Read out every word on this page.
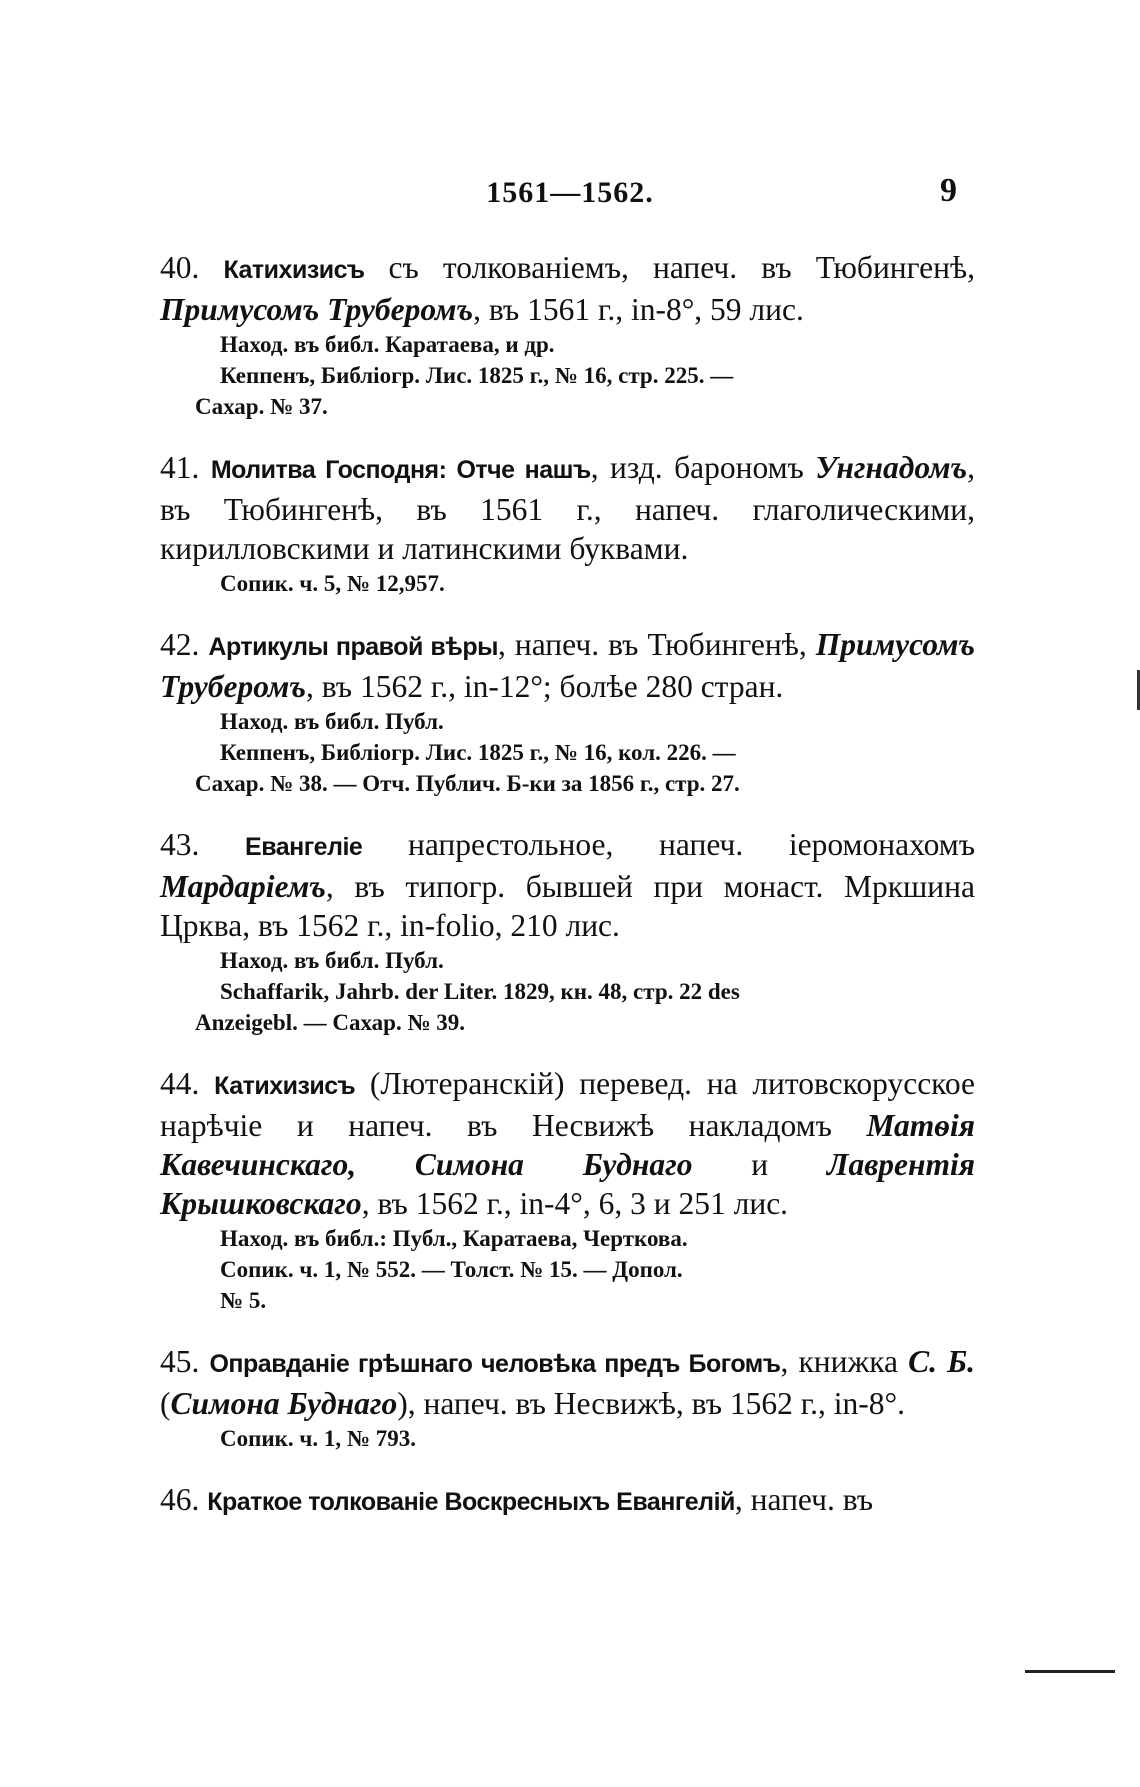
1561—1562.	9
40. Катихизисъ съ толкованіемъ, напеч. въ Тюбингенѣ, Примусомъ Труберомъ, въ 1561 г., in-8°, 59 лис.
Наход. въ библ. Каратаева, и др.
Кеппенъ, Библіогр. Лис. 1825 г., № 16, стр. 225. —
Сахар. № 37.
41. Молитва Господня: Отче нашъ, изд. барономъ Унгнадомъ, въ Тюбингенѣ, въ 1561 г., напеч. глаголическими, кирилловскими и латинскими буквами.
Сопик. ч. 5, № 12,957.
42. Артикулы правой вѣры, напеч. въ Тюбингенѣ, Примусомъ Труберомъ, въ 1562 г., in-12°; болѣе 280 стран.
Наход. въ библ. Публ.
Кеппенъ, Библіогр. Лис. 1825 г., № 16, кол. 226. —
Сахар. № 38. — Отч. Публич. Б-ки за 1856 г., стр. 27.
43. Евангеліе напрестольное, напеч. іеромонахомъ Мардаріемъ, въ типогр. бывшей при монаст. Мркшина Црква, въ 1562 г., in-folio, 210 лис.
Наход. въ библ. Публ.
Schaffarik, Jahrb. der Liter. 1829, кн. 48, стр. 22 des
Anzeigebl. — Сахар. № 39.
44. Катихизисъ (Лютеранскій) перевед. на литовскорусское нарѣчіе и напеч. въ Несвижѣ накладомъ Матѳія Кавечинскаго, Симона Буднаго и Лаврентія Крышковскаго, въ 1562 г., in-4°, 6, 3 и 251 лис.
Наход. въ библ.: Публ., Каратаева, Черткова.
Сопик. ч. 1, № 552. — Толст. № 15. — Допол.
№ 5.
45. Оправданіе грѣшнаго человѣка предъ Богомъ, книжка С. Б. (Симона Буднаго), напеч. въ Несвижѣ, въ 1562 г., in-8°.
Сопик. ч. 1, № 793.
46. Краткое толкованіе Воскресныхъ Евангелій, напеч. въ
